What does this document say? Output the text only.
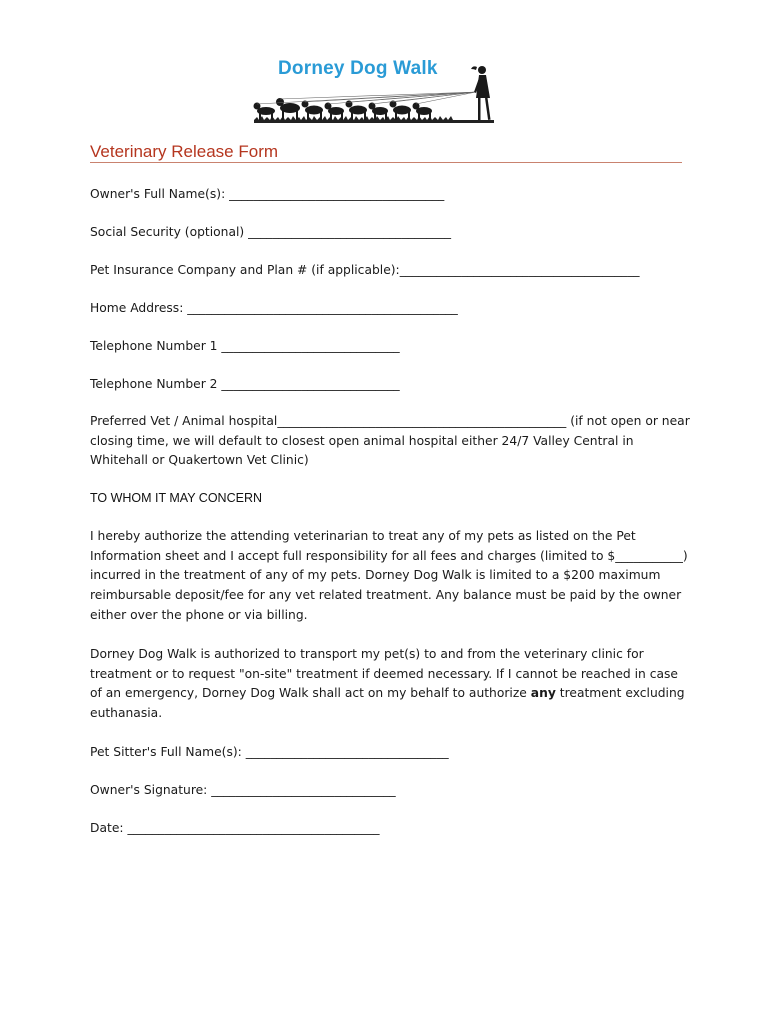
Dorney Dog Walk
Veterinary Release Form
Owner's Full Name(s): ___________________________________
Social Security (optional) _________________________________
Pet Insurance Company and Plan # (if applicable):_______________________________________
Home Address: ____________________________________________
Telephone Number 1 _____________________________
Telephone Number 2 _____________________________
Preferred Vet / Animal hospital_______________________________________________ (if not open or near closing time, we will default to closest open animal hospital either 24/7 Valley Central in Whitehall or Quakertown Vet Clinic)
TO WHOM IT MAY CONCERN
I hereby authorize the attending veterinarian to treat any of my pets as listed on the Pet Information sheet and I accept full responsibility for all fees and charges (limited to $___________) incurred in the treatment of any of my pets. Dorney Dog Walk is limited to a $200 maximum reimbursable deposit/fee for any vet related treatment. Any balance must be paid by the owner either over the phone or via billing.
Dorney Dog Walk is authorized to transport my pet(s) to and from the veterinary clinic for treatment or to request "on-site" treatment if deemed necessary. If I cannot be reached in case of an emergency, Dorney Dog Walk shall act on my behalf to authorize any treatment excluding euthanasia.
Pet Sitter's Full Name(s): _________________________________
Owner's Signature: ______________________________
Date: _________________________________________
